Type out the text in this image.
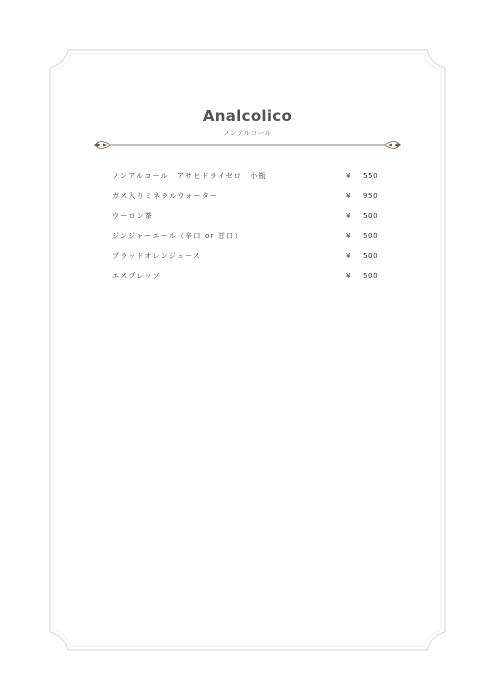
Analcolico
ノンアルコール
ノンアルコール　アサヒドライゼロ　小瓶	¥ 550
ガス入りミネラルウォーター	¥ 950
ウーロン茶	¥ 500
ジンジャーエール（辛口 or 甘口）	¥ 500
ブラッドオレンジュース	¥ 500
エスプレッソ	¥ 500
